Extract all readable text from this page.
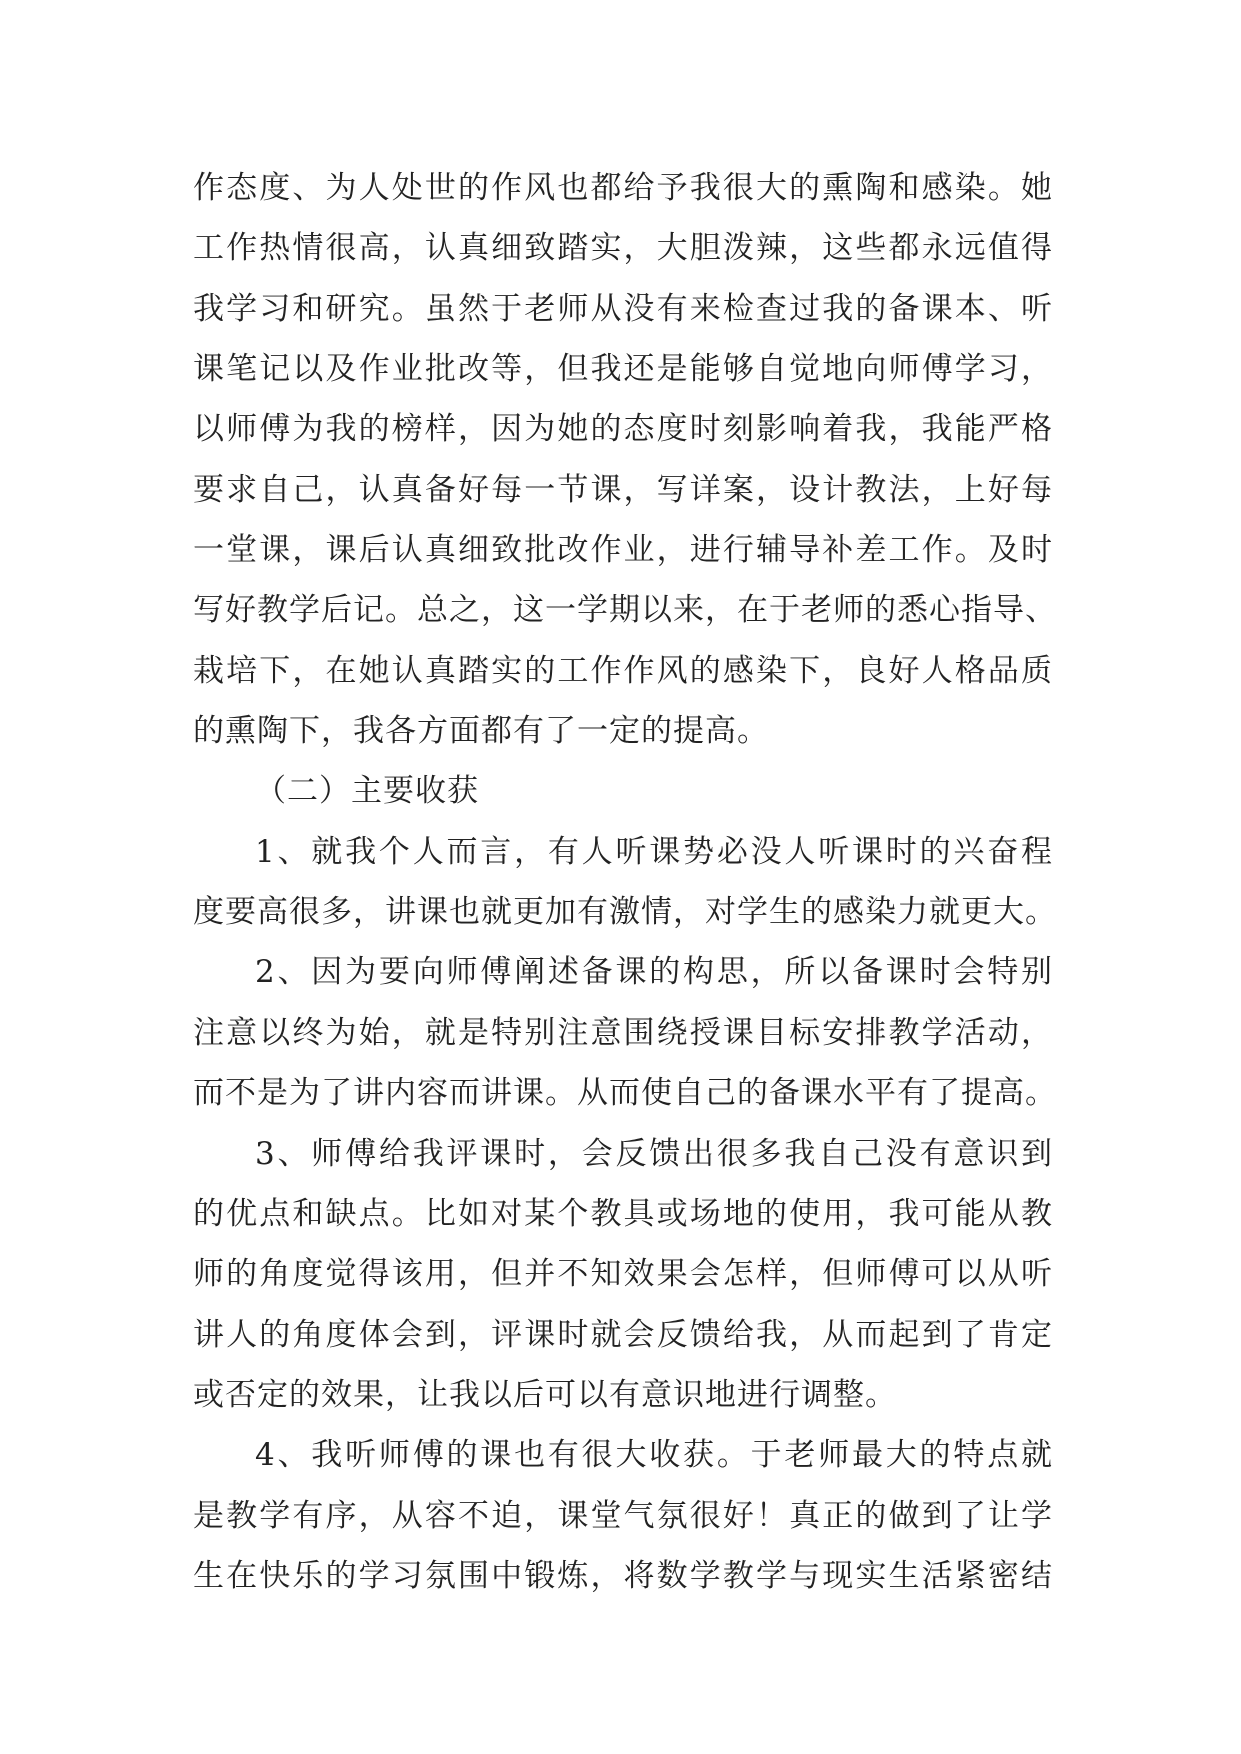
作态度、为人处世的作风也都给予我很大的熏陶和感染。她
工作热情很高，认真细致踏实，大胆泼辣，这些都永远值得
我学习和研究。虽然于老师从没有来检查过我的备课本、听
课笔记以及作业批改等，但我还是能够自觉地向师傅学习，
以师傅为我的榜样，因为她的态度时刻影响着我，我能严格
要求自己，认真备好每一节课，写详案，设计教法，上好每
一堂课，课后认真细致批改作业，进行辅导补差工作。及时
写好教学后记。总之，这一学期以来，在于老师的悉心指导、
栽培下，在她认真踏实的工作作风的感染下，良好人格品质
的熏陶下，我各方面都有了一定的提高。
（二）主要收获
1、就我个人而言，有人听课势必没人听课时的兴奋程
度要高很多，讲课也就更加有激情，对学生的感染力就更大。
2、因为要向师傅阐述备课的构思，所以备课时会特别
注意以终为始，就是特别注意围绕授课目标安排教学活动，
而不是为了讲内容而讲课。从而使自己的备课水平有了提高。
3、师傅给我评课时，会反馈出很多我自己没有意识到
的优点和缺点。比如对某个教具或场地的使用，我可能从教
师的角度觉得该用，但并不知效果会怎样，但师傅可以从听
讲人的角度体会到，评课时就会反馈给我，从而起到了肯定
或否定的效果，让我以后可以有意识地进行调整。
4、我听师傅的课也有很大收获。于老师最大的特点就
是教学有序，从容不迫，课堂气氛很好！真正的做到了让学
生在快乐的学习氛围中锻炼，将数学教学与现实生活紧密结
